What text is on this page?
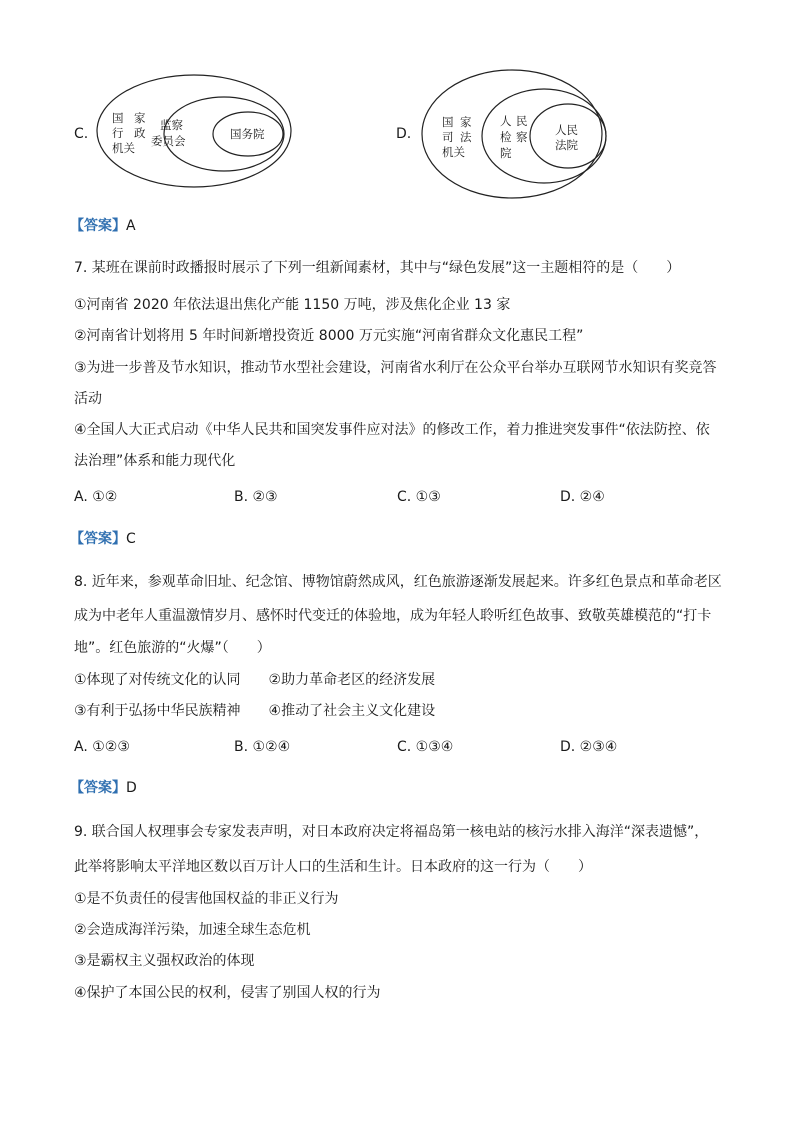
C.
国 家
行 政
机关
监察
委员会	国务院	D.
国 家
司 法
机关
人 民
检 察
院
人民
法院
【答案】A
7. 某班在课前时政播报时展示了下列一组新闻素材，其中与“绿色发展”这一主题相符的是（　　）
①河南省 2020 年依法退出焦化产能 1150 万吨，涉及焦化企业 13 家
②河南省计划将用 5 年时间新增投资近 8000 万元实施“河南省群众文化惠民工程”
③为进一步普及节水知识，推动节水型社会建设，河南省水利厅在公众平台举办互联网节水知识有奖竞答
活动
④全国人大正式启动《中华人民共和国突发事件应对法》的修改工作，着力推进突发事件“依法防控、依
法治理”体系和能力现代化
A. ①②	B. ②③	C. ①③	D. ②④
【答案】C
8. 近年来，参观革命旧址、纪念馆、博物馆蔚然成风，红色旅游逐渐发展起来。许多红色景点和革命老区
成为中老年人重温激情岁月、感怀时代变迁的体验地，成为年轻人聆听红色故事、致敬英雄模范的“打卡
地”。红色旅游的“火爆”（　　）
①体现了对传统文化的认同　　②助力革命老区的经济发展
③有利于弘扬中华民族精神　　④推动了社会主义文化建设
A. ①②③	B. ①②④	C. ①③④	D. ②③④
【答案】D
9. 联合国人权理事会专家发表声明，对日本政府决定将福岛第一核电站的核污水排入海洋“深表遗憾”，
此举将影响太平洋地区数以百万计人口的生活和生计。日本政府的这一行为（　　）
①是不负责任的侵害他国权益的非正义行为
②会造成海洋污染，加速全球生态危机
③是霸权主义强权政治的体现
④保护了本国公民的权利，侵害了别国人权的行为
